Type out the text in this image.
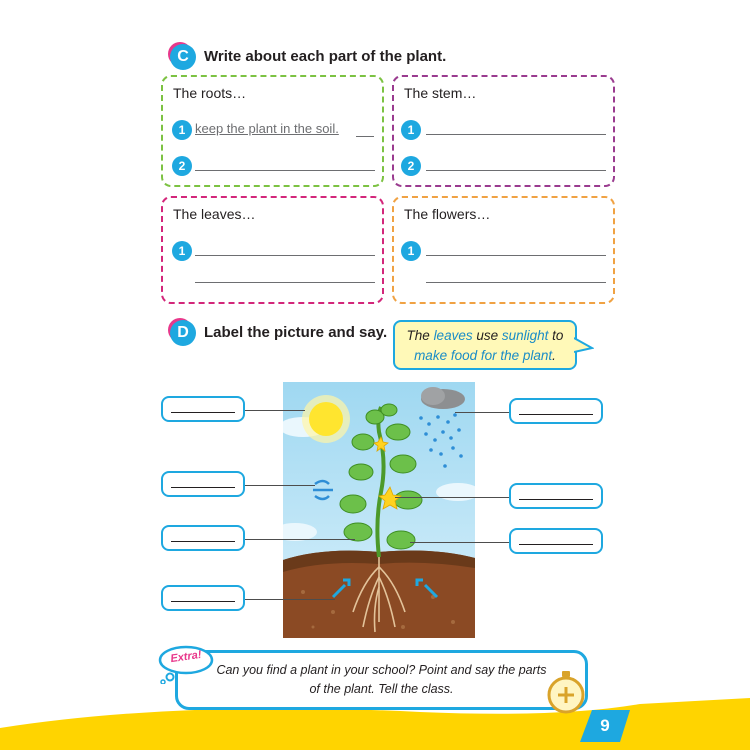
C Write about each part of the plant.
The roots…
1 keep the plant in the soil.
2
The stem…
1
2
The leaves…
1
The flowers…
1
D Label the picture and say.	The leaves use sunlight to
make food for the plant.
9
Can you find a plant in your school? Point and say the parts
of the plant. Tell the class.
Extra!
